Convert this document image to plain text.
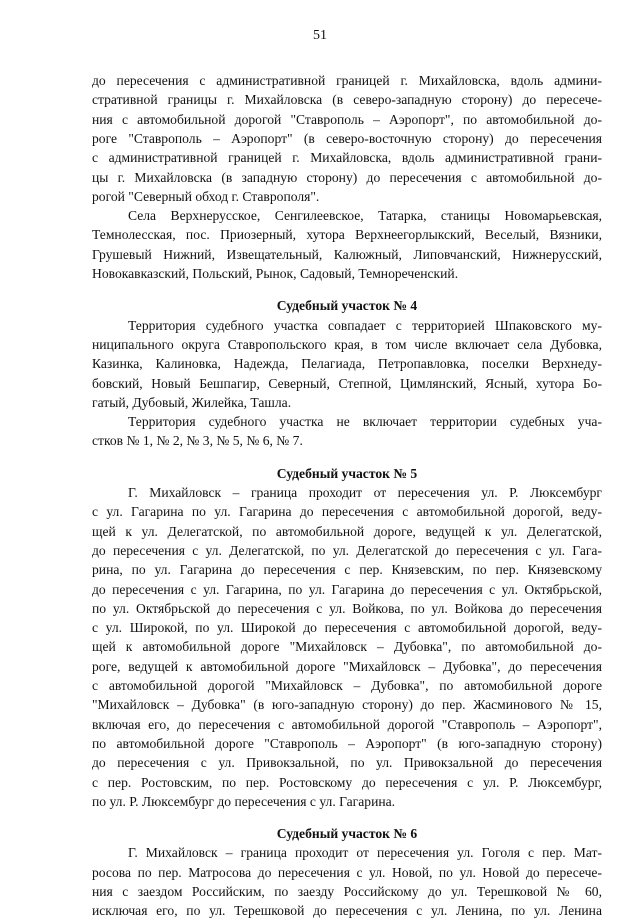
51
до пересечения с административной границей г. Михайловска, вдоль админи-
стративной границы г. Михайловска (в северо-западную сторону) до пересече-
ния с автомобильной дорогой "Ставрополь – Аэропорт", по автомобильной до-
роге "Ставрополь – Аэропорт" (в северо-восточную сторону) до пересечения
с административной границей г. Михайловска, вдоль административной грани-
цы г. Михайловска (в западную сторону) до пересечения с автомобильной до-
рогой "Северный обход г. Ставрополя".
Села Верхнерусское, Сенгилеевское, Татарка, станицы Новомарьевская,
Темнолесская, пос. Приозерный, хутора Верхнеегорлыкский, Веселый, Вязники,
Грушевый Нижний, Извещательный, Калюжный, Липовчанский, Нижнерусский,
Новокавказский, Польский, Рынок, Садовый, Темнореченский.
Судебный участок № 4
Территория судебного участка совпадает с территорией Шпаковского му-
ниципального округа Ставропольского края, в том числе включает села Дубовка,
Казинка, Калиновка, Надежда, Пелагиада, Петропавловка, поселки Верхнеду-
бовский, Новый Бешпагир, Северный, Степной, Цимлянский, Ясный, хутора Бо-
гатый, Дубовый, Жилейка, Ташла.
Территория судебного участка не включает территории судебных уча-
стков № 1, № 2, № 3, № 5, № 6, № 7.
Судебный участок № 5
Г. Михайловск – граница проходит от пересечения ул. Р. Люксембург
с ул. Гагарина по ул. Гагарина до пересечения с автомобильной дорогой, веду-
щей к ул. Делегатской, по автомобильной дороге, ведущей к ул. Делегатской,
до пересечения с ул. Делегатской, по ул. Делегатской до пересечения с ул. Гага-
рина, по ул. Гагарина до пересечения с пер. Князевским, по пер. Князевскому
до пересечения с ул. Гагарина, по ул. Гагарина до пересечения с ул. Октябрьской,
по ул. Октябрьской до пересечения с ул. Войкова, по ул. Войкова до пересечения
с ул. Широкой, по ул. Широкой до пересечения с автомобильной дорогой, веду-
щей к автомобильной дороге "Михайловск – Дубовка", по автомобильной до-
роге, ведущей к автомобильной дороге "Михайловск – Дубовка", до пересечения
с автомобильной дорогой "Михайловск – Дубовка", по автомобильной дороге
"Михайловск – Дубовка" (в юго-западную сторону) до пер. Жасминового № 15,
включая его, до пересечения с автомобильной дорогой "Ставрополь – Аэропорт",
по автомобильной дороге "Ставрополь – Аэропорт" (в юго-западную сторону)
до пересечения с ул. Привокзальной, по ул. Привокзальной до пересечения
с пер. Ростовским, по пер. Ростовскому до пересечения с ул. Р. Люксембург,
по ул. Р. Люксембург до пересечения с ул. Гагарина.
Судебный участок № 6
Г. Михайловск – граница проходит от пересечения ул. Гоголя с пер. Мат-
росова по пер. Матросова до пересечения с ул. Новой, по ул. Новой до пересече-
ния с заездом Российским, по заезду Российскому до ул. Терешковой № 60,
исключая его, по ул. Терешковой до пересечения с ул. Ленина, по ул. Ленина
